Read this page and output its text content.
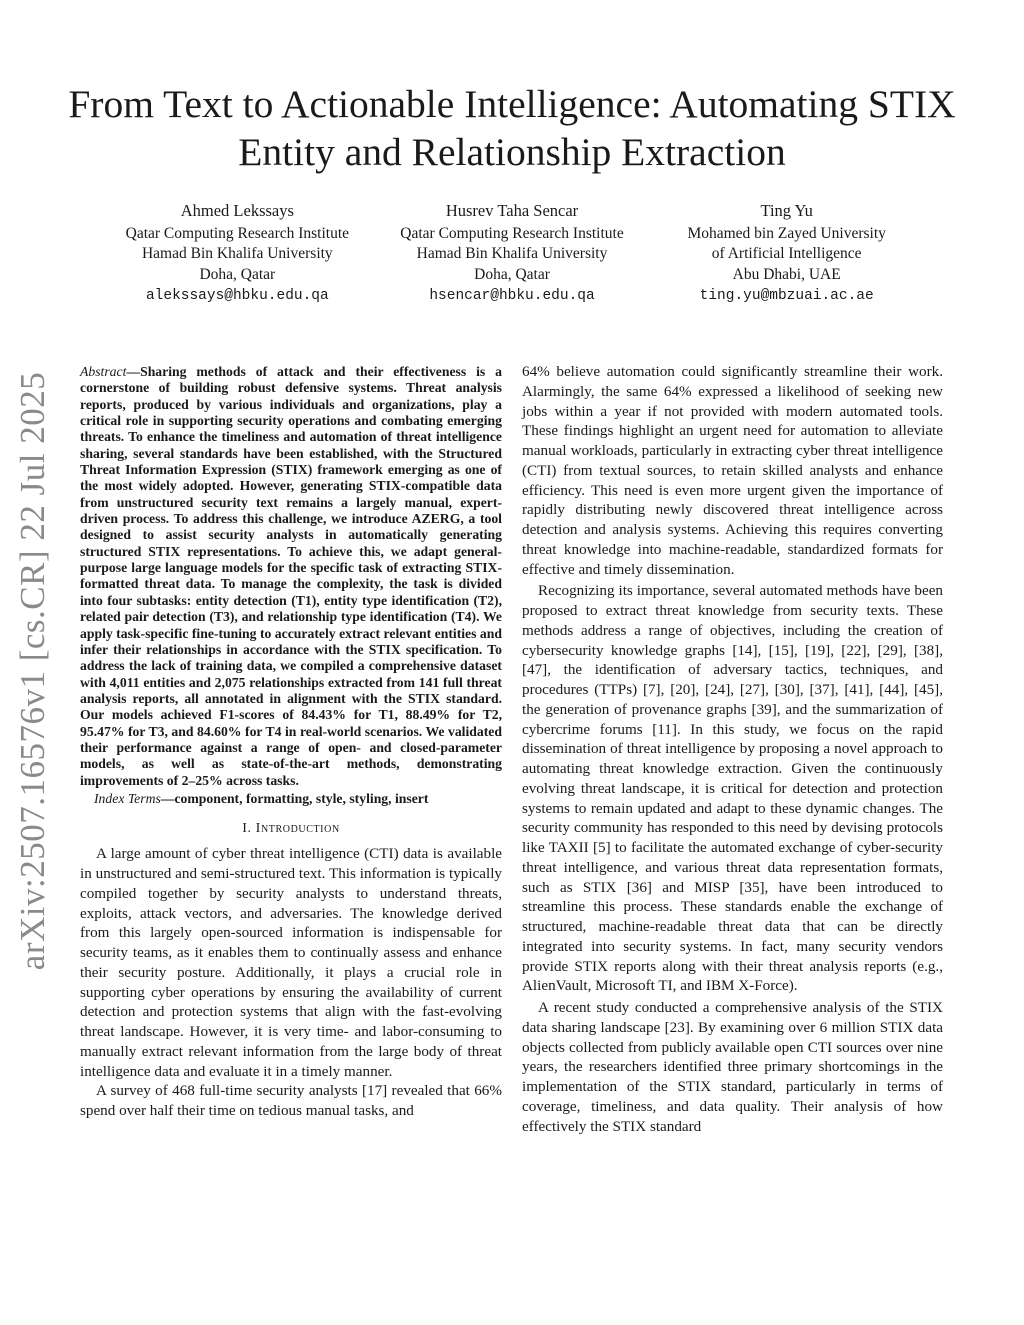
arXiv:2507.16576v1 [cs.CR] 22 Jul 2025
From Text to Actionable Intelligence: Automating STIX Entity and Relationship Extraction
Ahmed Lekssays
Qatar Computing Research Institute
Hamad Bin Khalifa University
Doha, Qatar
alekssays@hbku.edu.qa
Husrev Taha Sencar
Qatar Computing Research Institute
Hamad Bin Khalifa University
Doha, Qatar
hsencar@hbku.edu.qa
Ting Yu
Mohamed bin Zayed University
of Artificial Intelligence
Abu Dhabi, UAE
ting.yu@mbzuai.ac.ae

Abstract—Sharing methods of attack and their effectiveness is a cornerstone of building robust defensive systems. Threat analysis reports, produced by various individuals and organizations, play a critical role in supporting security operations and combating emerging threats. To enhance the timeliness and automation of threat intelligence sharing, several standards have been established, with the Structured Threat Information Expression (STIX) framework emerging as one of the most widely adopted. However, generating STIX-compatible data from unstructured security text remains a largely manual, expert-driven process. To address this challenge, we introduce AZERG, a tool designed to assist security analysts in automatically generating structured STIX representations. To achieve this, we adapt general-purpose large language models for the specific task of extracting STIX-formatted threat data. To manage the complexity, the task is divided into four subtasks: entity detection (T1), entity type identification (T2), related pair detection (T3), and relationship type identification (T4). We apply task-specific fine-tuning to accurately extract relevant entities and infer their relationships in accordance with the STIX specification. To address the lack of training data, we compiled a comprehensive dataset with 4,011 entities and 2,075 relationships extracted from 141 full threat analysis reports, all annotated in alignment with the STIX standard. Our models achieved F1-scores of 84.43% for T1, 88.49% for T2, 95.47% for T3, and 84.60% for T4 in real-world scenarios. We validated their performance against a range of open- and closed-parameter models, as well as state-of-the-art methods, demonstrating improvements of 2–25% across tasks.

Index Terms—component, formatting, style, styling, insert

I. Introduction

A large amount of cyber threat intelligence (CTI) data is available in unstructured and semi-structured text. This information is typically compiled together by security analysts to understand threats, exploits, attack vectors, and adversaries. The knowledge derived from this largely open-sourced information is indispensable for security teams, as it enables them to continually assess and enhance their security posture. Additionally, it plays a crucial role in supporting cyber operations by ensuring the availability of current detection and protection systems that align with the fast-evolving threat landscape. However, it is very time- and labor-consuming to manually extract relevant information from the large body of threat intelligence data and evaluate it in a timely manner.

A survey of 468 full-time security analysts [17] revealed that 66% spend over half their time on tedious manual tasks, and

64% believe automation could significantly streamline their work. Alarmingly, the same 64% expressed a likelihood of seeking new jobs within a year if not provided with modern automated tools. These findings highlight an urgent need for automation to alleviate manual workloads, particularly in extracting cyber threat intelligence (CTI) from textual sources, to retain skilled analysts and enhance efficiency. This need is even more urgent given the importance of rapidly distributing newly discovered threat intelligence across detection and analysis systems. Achieving this requires converting threat knowledge into machine-readable, standardized formats for effective and timely dissemination.

Recognizing its importance, several automated methods have been proposed to extract threat knowledge from security texts. These methods address a range of objectives, including the creation of cybersecurity knowledge graphs [14], [15], [19], [22], [29], [38], [47], the identification of adversary tactics, techniques, and procedures (TTPs) [7], [20], [24], [27], [30], [37], [41], [44], [45], the generation of provenance graphs [39], and the summarization of cybercrime forums [11]. In this study, we focus on the rapid dissemination of threat intelligence by proposing a novel approach to automating threat knowledge extraction. Given the continuously evolving threat landscape, it is critical for detection and protection systems to remain updated and adapt to these dynamic changes. The security community has responded to this need by devising protocols like TAXII [5] to facilitate the automated exchange of cyber-security threat intelligence, and various threat data representation formats, such as STIX [36] and MISP [35], have been introduced to streamline this process. These standards enable the exchange of structured, machine-readable threat data that can be directly integrated into security systems. In fact, many security vendors provide STIX reports along with their threat analysis reports (e.g., AlienVault, Microsoft TI, and IBM X-Force).

A recent study conducted a comprehensive analysis of the STIX data sharing landscape [23]. By examining over 6 million STIX data objects collected from publicly available open CTI sources over nine years, the researchers identified three primary shortcomings in the implementation of the STIX standard, particularly in terms of coverage, timeliness, and data quality. Their analysis of how effectively the STIX standard
